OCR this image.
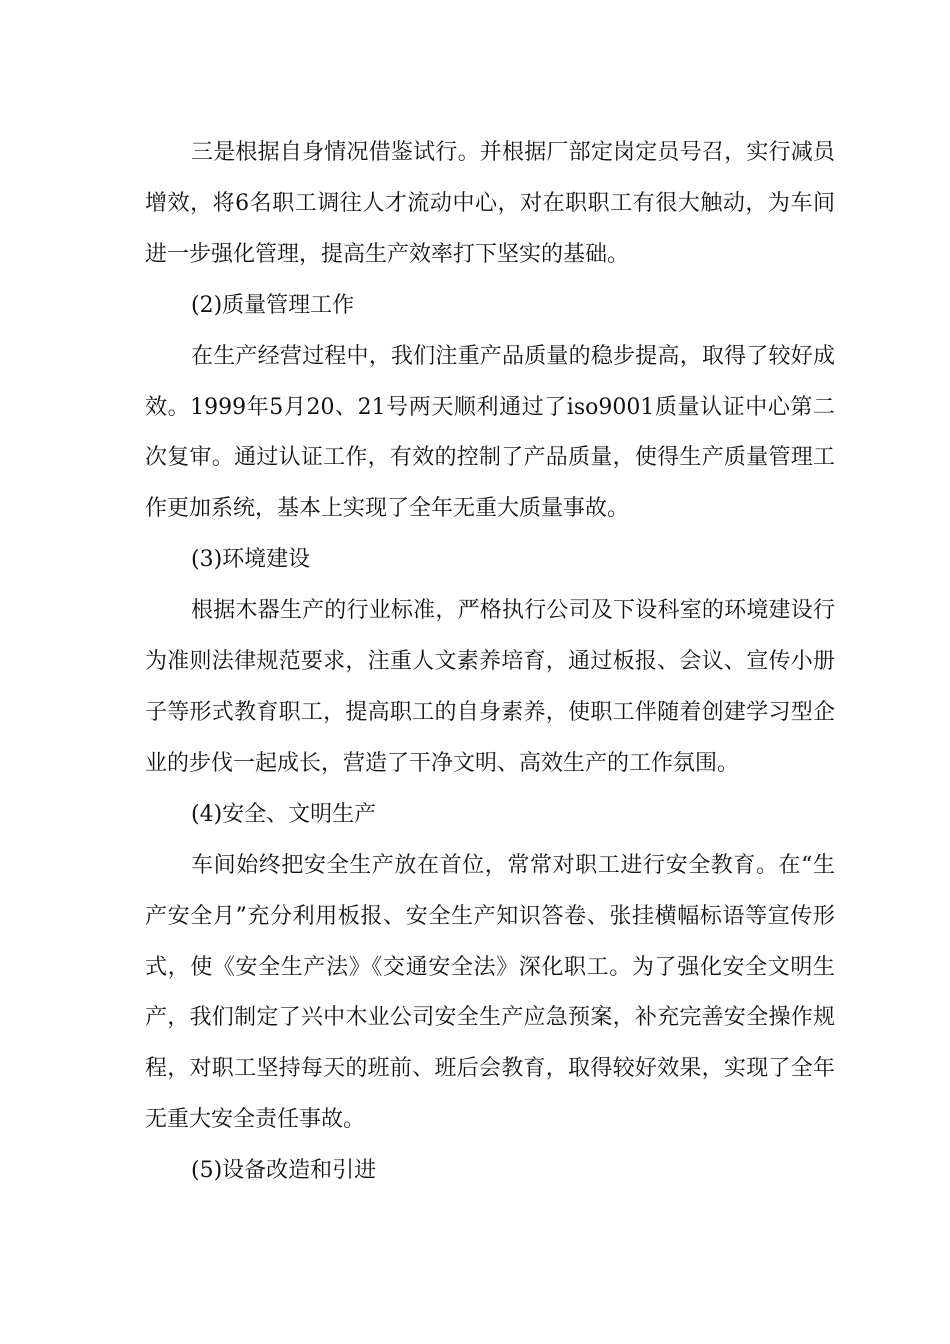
三是根据自身情况借鉴试行。并根据厂部定岗定员号召，实行减员增效，将6名职工调往人才流动中心，对在职职工有很大触动，为车间进一步强化管理，提高生产效率打下坚实的基础。

(2)质量管理工作

在生产经营过程中，我们注重产品质量的稳步提高，取得了较好成效。1999年5月20、21号两天顺利通过了iso9001质量认证中心第二次复审。通过认证工作，有效的控制了产品质量，使得生产质量管理工作更加系统，基本上实现了全年无重大质量事故。

(3)环境建设

根据木器生产的行业标准，严格执行公司及下设科室的环境建设行为准则法律规范要求，注重人文素养培育，通过板报、会议、宣传小册子等形式教育职工，提高职工的自身素养，使职工伴随着创建学习型企业的步伐一起成长，营造了干净文明、高效生产的工作氛围。

(4)安全、文明生产

车间始终把安全生产放在首位，常常对职工进行安全教育。在“生产安全月”充分利用板报、安全生产知识答卷、张挂横幅标语等宣传形式，使《安全生产法》《交通安全法》深化职工。为了强化安全文明生产，我们制定了兴中木业公司安全生产应急预案，补充完善安全操作规程，对职工坚持每天的班前、班后会教育，取得较好效果，实现了全年无重大安全责任事故。

(5)设备改造和引进
